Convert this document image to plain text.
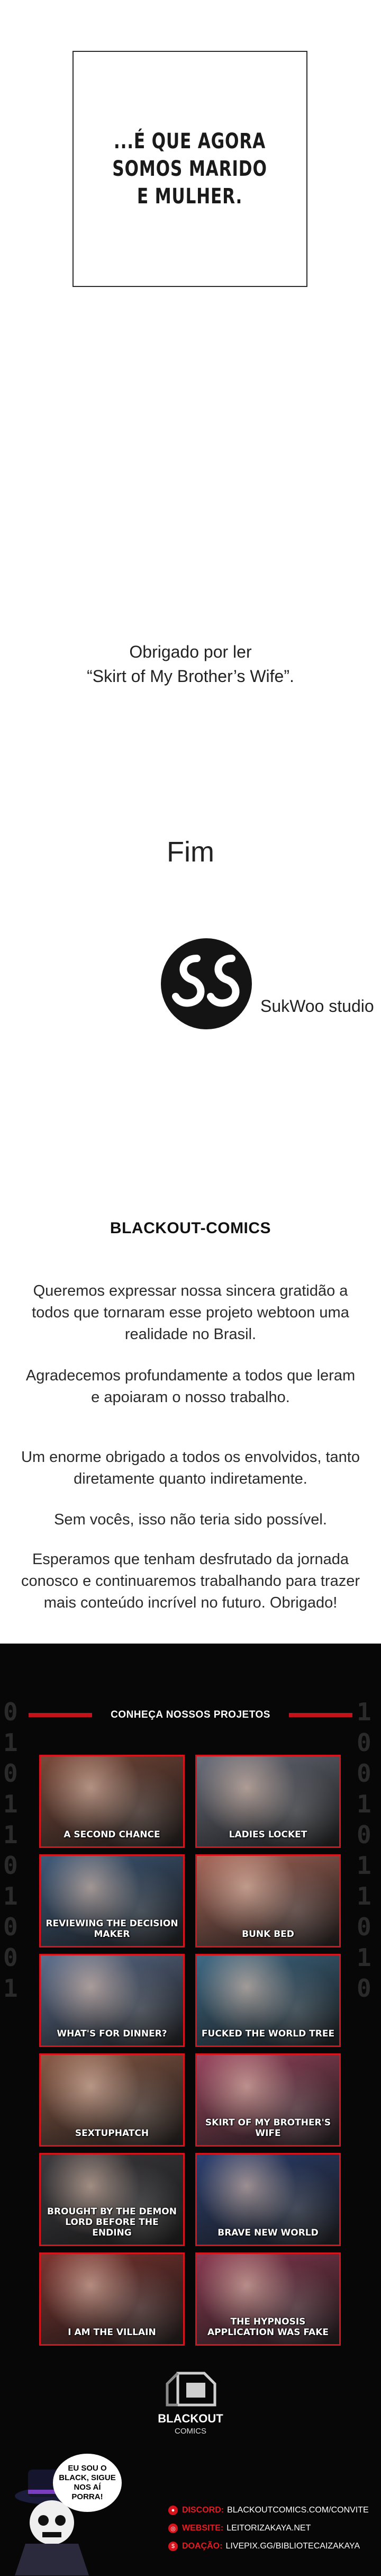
...É QUE AGORA
SOMOS MARIDO
E MULHER.
Obrigado por ler
“Skirt of My Brother’s Wife”.
Fim
SukWoo studio
BLACKOUT-COMICS
Queremos expressar nossa sincera gratidão a todos que tornaram esse projeto webtoon uma realidade no Brasil.
Agradecemos profundamente a todos que leram e apoiaram o nosso trabalho.
Um enorme obrigado a todos os envolvidos, tanto diretamente quanto indiretamente.
Sem vocês, isso não teria sido possível.
Esperamos que tenham desfrutado da jornada conosco e continuaremos trabalhando para trazer mais conteúdo incrível no futuro. Obrigado!
0
1
0
1
1
0
1
0
0
1
1
0
0
1
0
1
1
0
1
0
CONHEÇA NOSSOS PROJETOS
A SECOND CHANCE	LADIES LOCKET
REVIEWING THE DECISION MAKER	BUNK BED
WHAT'S FOR DINNER?	FUCKED THE WORLD TREE
SEXTUPHATCH
SKIRT OF MY BROTHER'S WIFE
BROUGHT BY THE DEMON LORD BEFORE THE ENDING	BRAVE NEW WORLD
I AM THE VILLAIN
THE HYPNOSIS APPLICATION WAS FAKE
BLACKOUT
COMICS
EU SOU O BLACK, SIGUE NOS AÍ PORRA!
● DISCORD: BLACKOUTCOMICS.COM/CONVITE
◎ WEBSITE: LEITORIZAKAYA.NET
$ DOAÇÃO: LIVEPIX.GG/BIBLIOTECAIZAKAYA
